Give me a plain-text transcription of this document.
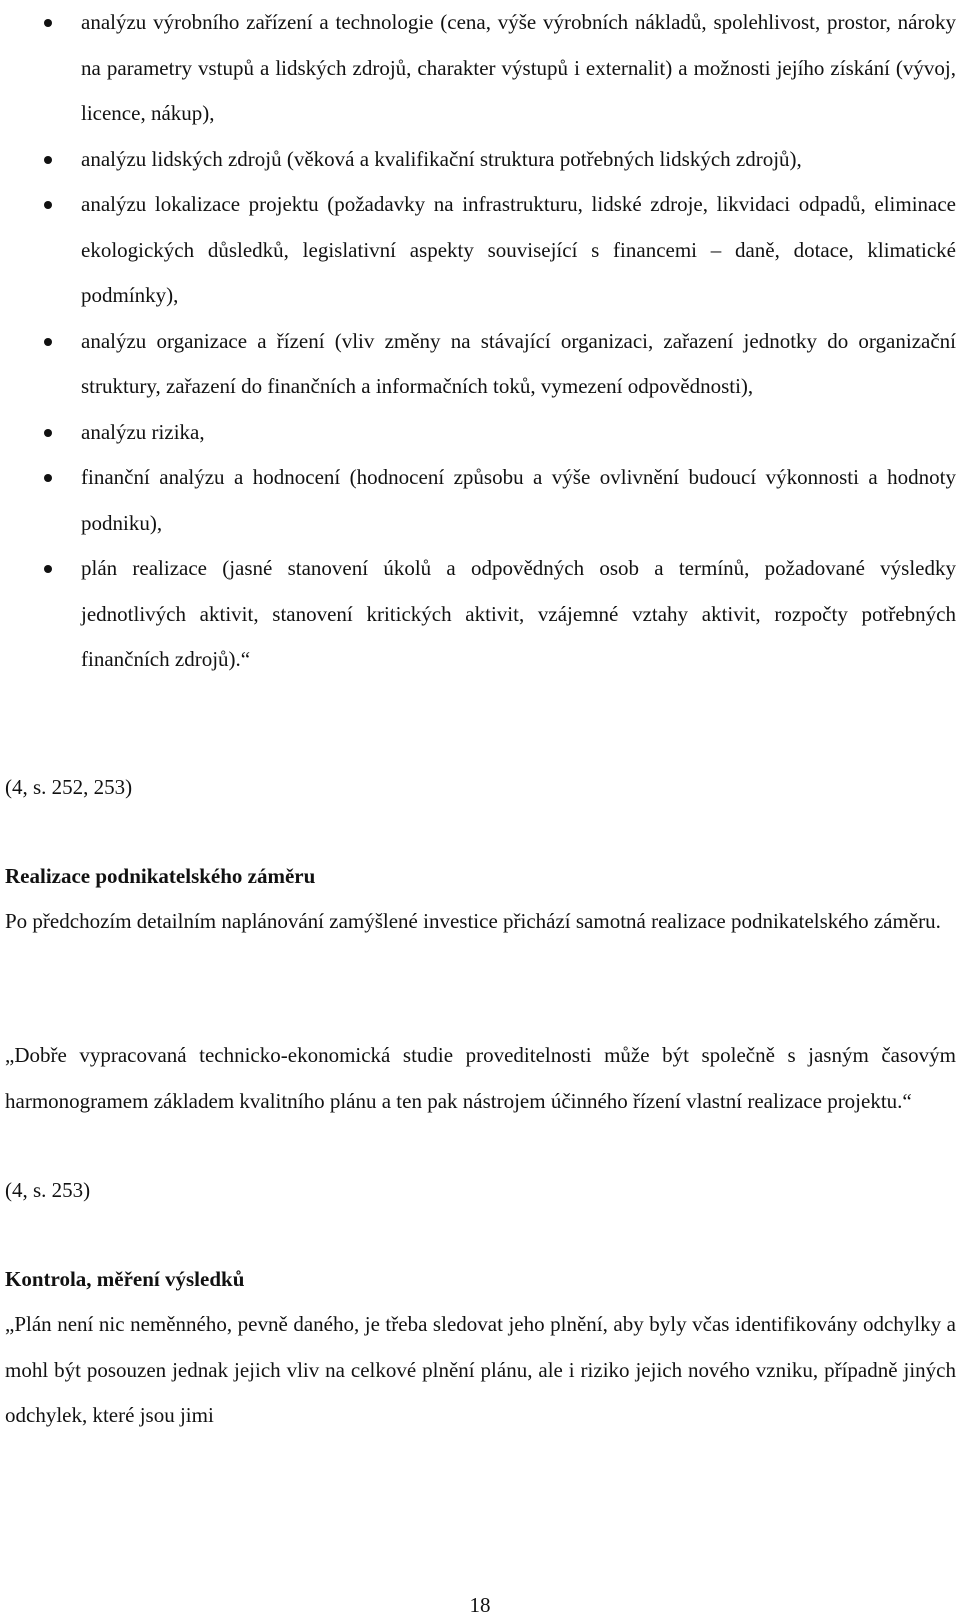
analýzu výrobního zařízení a technologie (cena, výše výrobních nákladů, spolehlivost, prostor, nároky na parametry vstupů a lidských zdrojů, charakter výstupů i externalit) a možnosti jejího získání (vývoj, licence, nákup),
analýzu lidských zdrojů (věková a kvalifikační struktura potřebných lidských zdrojů),
analýzu lokalizace projektu (požadavky na infrastrukturu, lidské zdroje, likvidaci odpadů, eliminace ekologických důsledků, legislativní aspekty související s financemi – daně, dotace, klimatické podmínky),
analýzu organizace a řízení (vliv změny na stávající organizaci, zařazení jednotky do organizační struktury, zařazení do finančních a informačních toků, vymezení odpovědnosti),
analýzu rizika,
finanční analýzu a hodnocení (hodnocení způsobu a výše ovlivnění budoucí výkonnosti a hodnoty podniku),
plán realizace (jasné stanovení úkolů a odpovědných osob a termínů, požadované výsledky jednotlivých aktivit, stanovení kritických aktivit, vzájemné vztahy aktivit, rozpočty potřebných finančních zdrojů).“
(4, s. 252, 253)
Realizace podnikatelského záměru
Po předchozím detailním naplánování zamýšlené investice přichází samotná realizace podnikatelského záměru.
„Dobře vypracovaná technicko-ekonomická studie proveditelnosti může být společně s jasným časovým harmonogramem základem kvalitního plánu a ten pak nástrojem účinného řízení vlastní realizace projektu.“
(4, s. 253)
Kontrola, měření výsledků
„Plán není nic neměnného, pevně daného, je třeba sledovat jeho plnění, aby byly včas identifikovány odchylky a mohl být posouzen jednak jejich vliv na celkové plnění plánu, ale i riziko jejich nového vzniku, případně jiných odchylek, které jsou jimi
18
